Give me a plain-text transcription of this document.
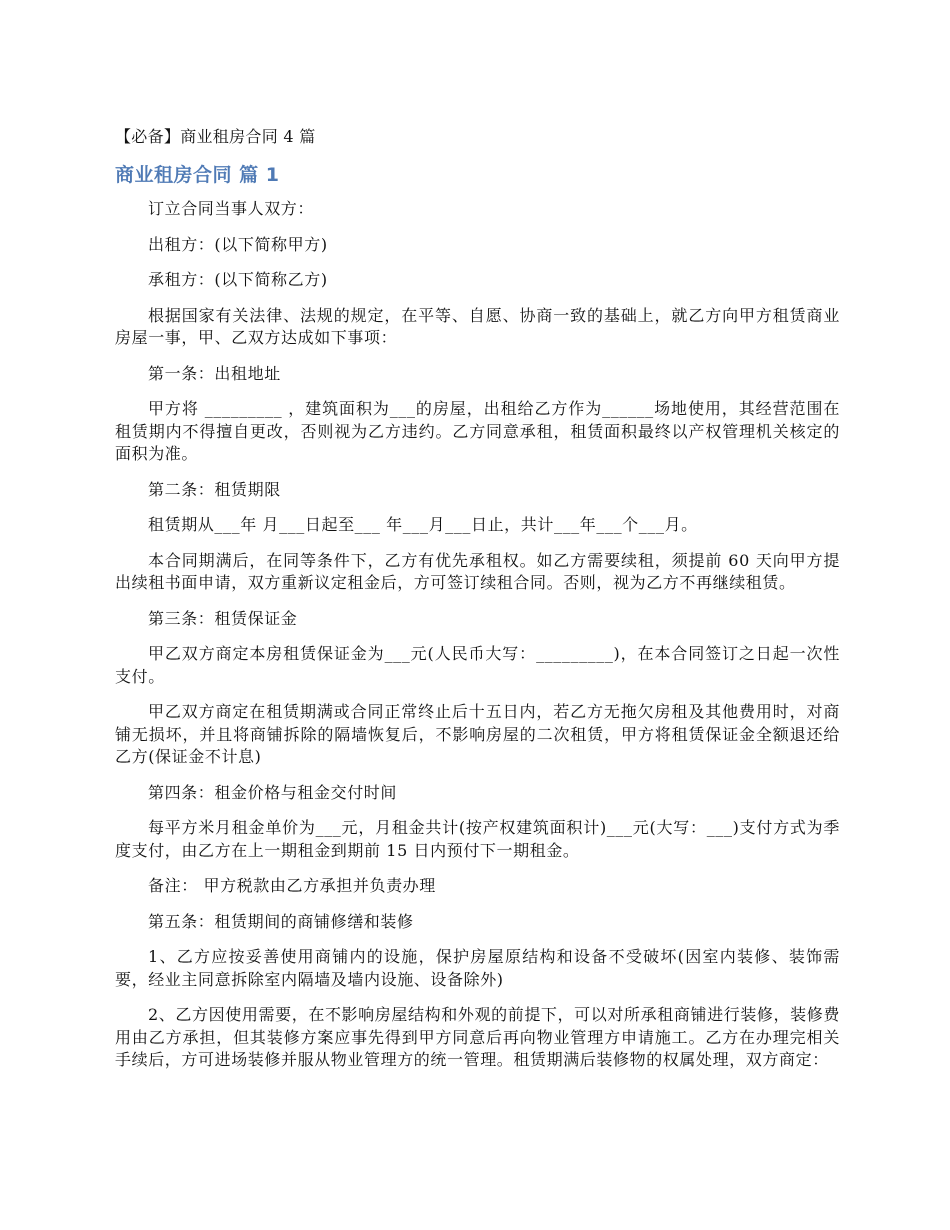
【必备】商业租房合同 4 篇
商业租房合同 篇 1

订立合同当事人双方：

出租方：(以下简称甲方)

承租方：(以下简称乙方)

根据国家有关法律、法规的规定，在平等、自愿、协商一致的基础上，就乙方向甲方租赁商业房屋一事，甲、乙双方达成如下事项：

第一条：出租地址

甲方将 _________ ，建筑面积为___的房屋，出租给乙方作为______场地使用，其经营范围在租赁期内不得擅自更改，否则视为乙方违约。乙方同意承租，租赁面积最终以产权管理机关核定的面积为准。

第二条：租赁期限

租赁期从___年 月___日起至___ 年___月___日止，共计___年___个___月。

本合同期满后，在同等条件下，乙方有优先承租权。如乙方需要续租，须提前 60 天向甲方提出续租书面申请，双方重新议定租金后，方可签订续租合同。否则，视为乙方不再继续租赁。

第三条：租赁保证金

甲乙双方商定本房租赁保证金为___元(人民币大写：_________)，在本合同签订之日起一次性支付。

甲乙双方商定在租赁期满或合同正常终止后十五日内，若乙方无拖欠房租及其他费用时，对商铺无损坏，并且将商铺拆除的隔墙恢复后，不影响房屋的二次租赁，甲方将租赁保证金全额退还给乙方(保证金不计息)

第四条：租金价格与租金交付时间

每平方米月租金单价为___元，月租金共计(按产权建筑面积计)___元(大写：___)支付方式为季度支付，由乙方在上一期租金到期前 15 日内预付下一期租金。

备注： 甲方税款由乙方承担并负责办理

第五条：租赁期间的商铺修缮和装修

1、乙方应按妥善使用商铺内的设施，保护房屋原结构和设备不受破坏(因室内装修、装饰需要，经业主同意拆除室内隔墙及墙内设施、设备除外)

2、乙方因使用需要，在不影响房屋结构和外观的前提下，可以对所承租商铺进行装修，装修费用由乙方承担，但其装修方案应事先得到甲方同意后再向物业管理方申请施工。乙方在办理完相关手续后，方可进场装修并服从物业管理方的统一管理。租赁期满后装修物的权属处理，双方商定：
